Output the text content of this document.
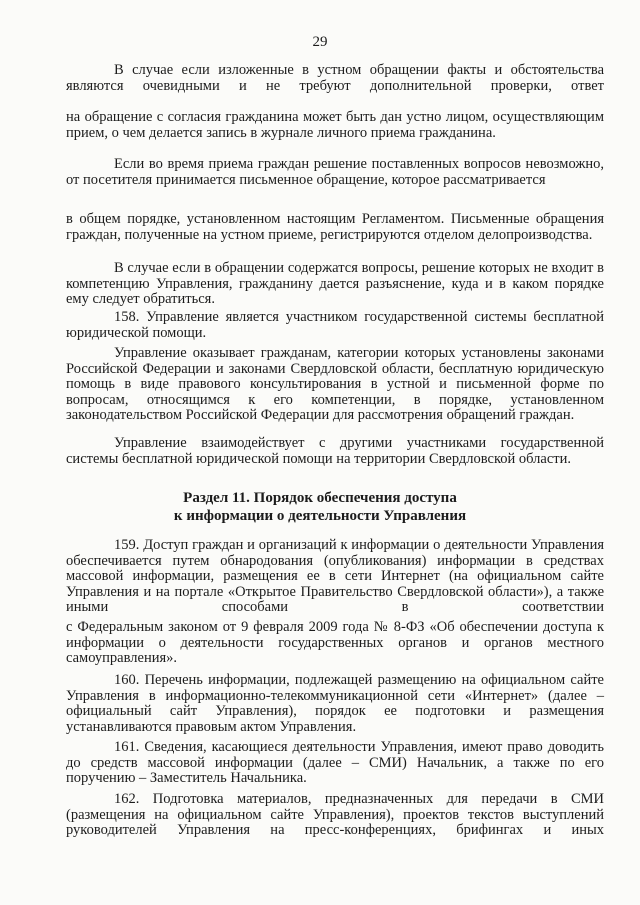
29

В случае если изложенные в устном обращении факты и обстоятельства являются очевидными и не требуют дополнительной проверки, ответ

на обращение с согласия гражданина может быть дан устно лицом, осуществляющим прием, о чем делается запись в журнале личного приема гражданина.

Если во время приема граждан решение поставленных вопросов невозможно, от посетителя принимается письменное обращение, которое рассматривается

в общем порядке, установленном настоящим Регламентом. Письменные обращения граждан, полученные на устном приеме, регистрируются отделом делопроизводства.

В случае если в обращении содержатся вопросы, решение которых не входит в компетенцию Управления, гражданину дается разъяснение, куда и в каком порядке ему следует обратиться.

158. Управление является участником государственной системы бесплатной юридической помощи.

Управление оказывает гражданам, категории которых установлены законами Российской Федерации и законами Свердловской области, бесплатную юридическую помощь в виде правового консультирования в устной и письменной форме по вопросам, относящимся к его компетенции, в порядке, установленном законодательством Российской Федерации для рассмотрения обращений граждан.

Управление взаимодействует с другими участниками государственной системы бесплатной юридической помощи на территории Свердловской области.

Раздел 11. Порядок обеспечения доступа
к информации о деятельности Управления

159. Доступ граждан и организаций к информации о деятельности Управления обеспечивается путем обнародования (опубликования) информации в средствах массовой информации, размещения ее в сети Интернет (на официальном сайте Управления и на портале «Открытое Правительство Свердловской области»), а также иными способами в соответствии

с Федеральным законом от 9 февраля 2009 года № 8-ФЗ «Об обеспечении доступа к информации о деятельности государственных органов и органов местного самоуправления».

160. Перечень информации, подлежащей размещению на официальном сайте Управления в информационно-телекоммуникационной сети «Интернет» (далее – официальный сайт Управления), порядок ее подготовки и размещения устанавливаются правовым актом Управления.

161. Сведения, касающиеся деятельности Управления, имеют право доводить до средств массовой информации (далее – СМИ) Начальник, а также по его поручению – Заместитель Начальника.

162. Подготовка материалов, предназначенных для передачи в СМИ (размещения на официальном сайте Управления), проектов текстов выступлений руководителей Управления на пресс-конференциях, брифингах и иных
